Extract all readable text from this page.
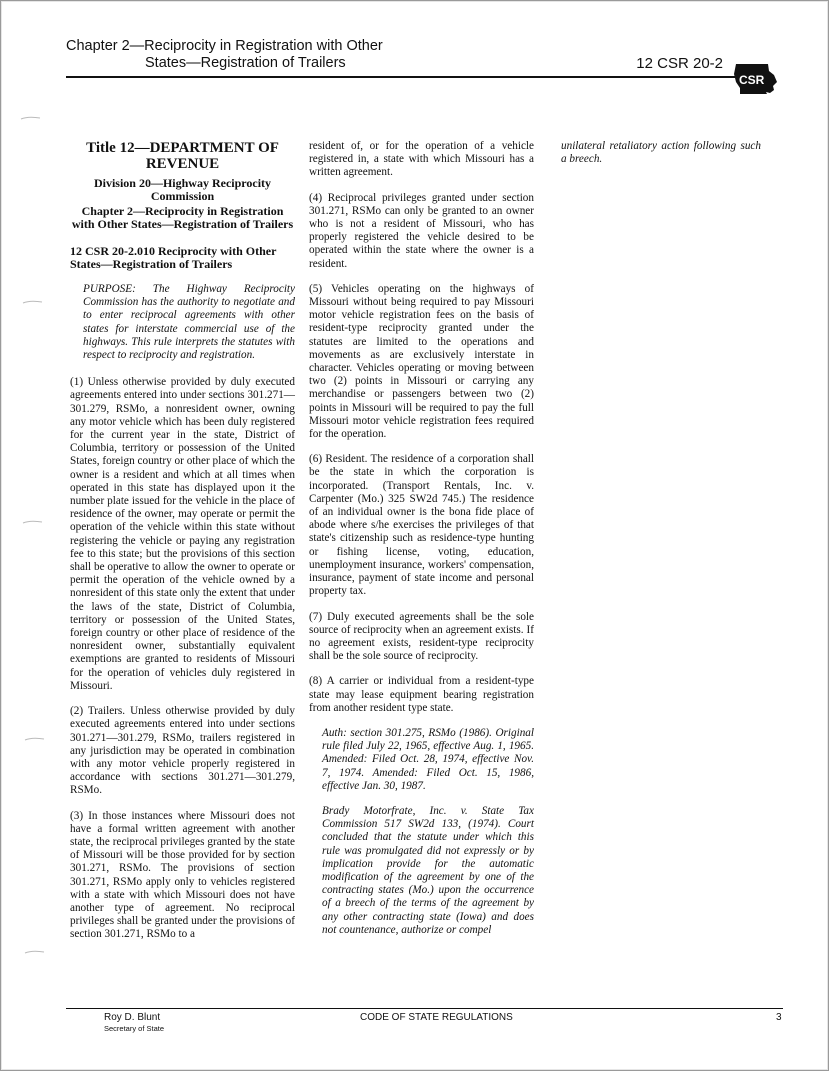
Chapter 2—Reciprocity in Registration with Other
States—Registration of Trailers	12 CSR 20-2
CSR
Title 12—DEPARTMENT OF REVENUE
Division 20—Highway Reciprocity Commission
Chapter 2—Reciprocity in Registration with Other States—Registration of Trailers

12 CSR 20-2.010 Reciprocity with Other States—Registration of Trailers

PURPOSE: The Highway Reciprocity Commission has the authority to negotiate and to enter reciprocal agreements with other states for interstate commercial use of the highways. This rule interprets the statutes with respect to reciprocity and registration.

(1) Unless otherwise provided by duly executed agreements entered into under sections 301.271—301.279, RSMo, a nonresident owner, owning any motor vehicle which has been duly registered for the current year in the state, District of Columbia, territory or possession of the United States, foreign country or other place of which the owner is a resident and which at all times when operated in this state has displayed upon it the number plate issued for the vehicle in the place of residence of the owner, may operate or permit the operation of the vehicle within this state without registering the vehicle or paying any registration fee to this state; but the provisions of this section shall be operative to allow the owner to operate or permit the operation of the vehicle owned by a nonresident of this state only the extent that under the laws of the state, District of Columbia, territory or possession of the United States, foreign country or other place of residence of the nonresident owner, substantially equivalent exemptions are granted to residents of Missouri for the operation of vehicles duly registered in Missouri.

(2) Trailers. Unless otherwise provided by duly executed agreements entered into under sections 301.271—301.279, RSMo, trailers registered in any jurisdiction may be operated in combination with any motor vehicle properly registered in accordance with sections 301.271—301.279, RSMo.

(3) In those instances where Missouri does not have a formal written agreement with another state, the reciprocal privileges granted by the state of Missouri will be those provided for by section 301.271, RSMo. The provisions of section 301.271, RSMo apply only to vehicles registered with a state with which Missouri does not have another type of agreement. No reciprocal privileges shall be granted under the provisions of section 301.271, RSMo to a

resident of, or for the operation of a vehicle registered in, a state with which Missouri has a written agreement.

(4) Reciprocal privileges granted under section 301.271, RSMo can only be granted to an owner who is not a resident of Missouri, who has properly registered the vehicle desired to be operated within the state where the owner is a resident.

(5) Vehicles operating on the highways of Missouri without being required to pay Missouri motor vehicle registration fees on the basis of resident-type reciprocity granted under the statutes are limited to the operations and movements as are exclusively interstate in character. Vehicles operating or moving between two (2) points in Missouri or carrying any merchandise or passengers between two (2) points in Missouri will be required to pay the full Missouri motor vehicle registration fees required for the operation.

(6) Resident. The residence of a corporation shall be the state in which the corporation is incorporated. (Transport Rentals, Inc. v. Carpenter (Mo.) 325 SW2d 745.) The residence of an individual owner is the bona fide place of abode where s/he exercises the privileges of that state's citizenship such as residence-type hunting or fishing license, voting, education, unemployment insurance, workers' compensation, insurance, payment of state income and personal property tax.

(7) Duly executed agreements shall be the sole source of reciprocity when an agreement exists. If no agreement exists, resident-type reciprocity shall be the sole source of reciprocity.

(8) A carrier or individual from a resident-type state may lease equipment bearing registration from another resident type state.

Auth: section 301.275, RSMo (1986). Original rule filed July 22, 1965, effective Aug. 1, 1965. Amended: Filed Oct. 28, 1974, effective Nov. 7, 1974. Amended: Filed Oct. 15, 1986, effective Jan. 30, 1987.

Brady Motorfrate, Inc. v. State Tax Commission 517 SW2d 133, (1974). Court concluded that the statute under which this rule was promulgated did not expressly or by implication provide for the automatic modification of the agreement by one of the contracting states (Mo.) upon the occurrence of a breech of the terms of the agreement by any other contracting state (Iowa) and does not countenance, authorize or compel

unilateral retaliatory action following such a breech.

Roy D. Blunt
Secretary of State
CODE OF STATE REGULATIONS	3
